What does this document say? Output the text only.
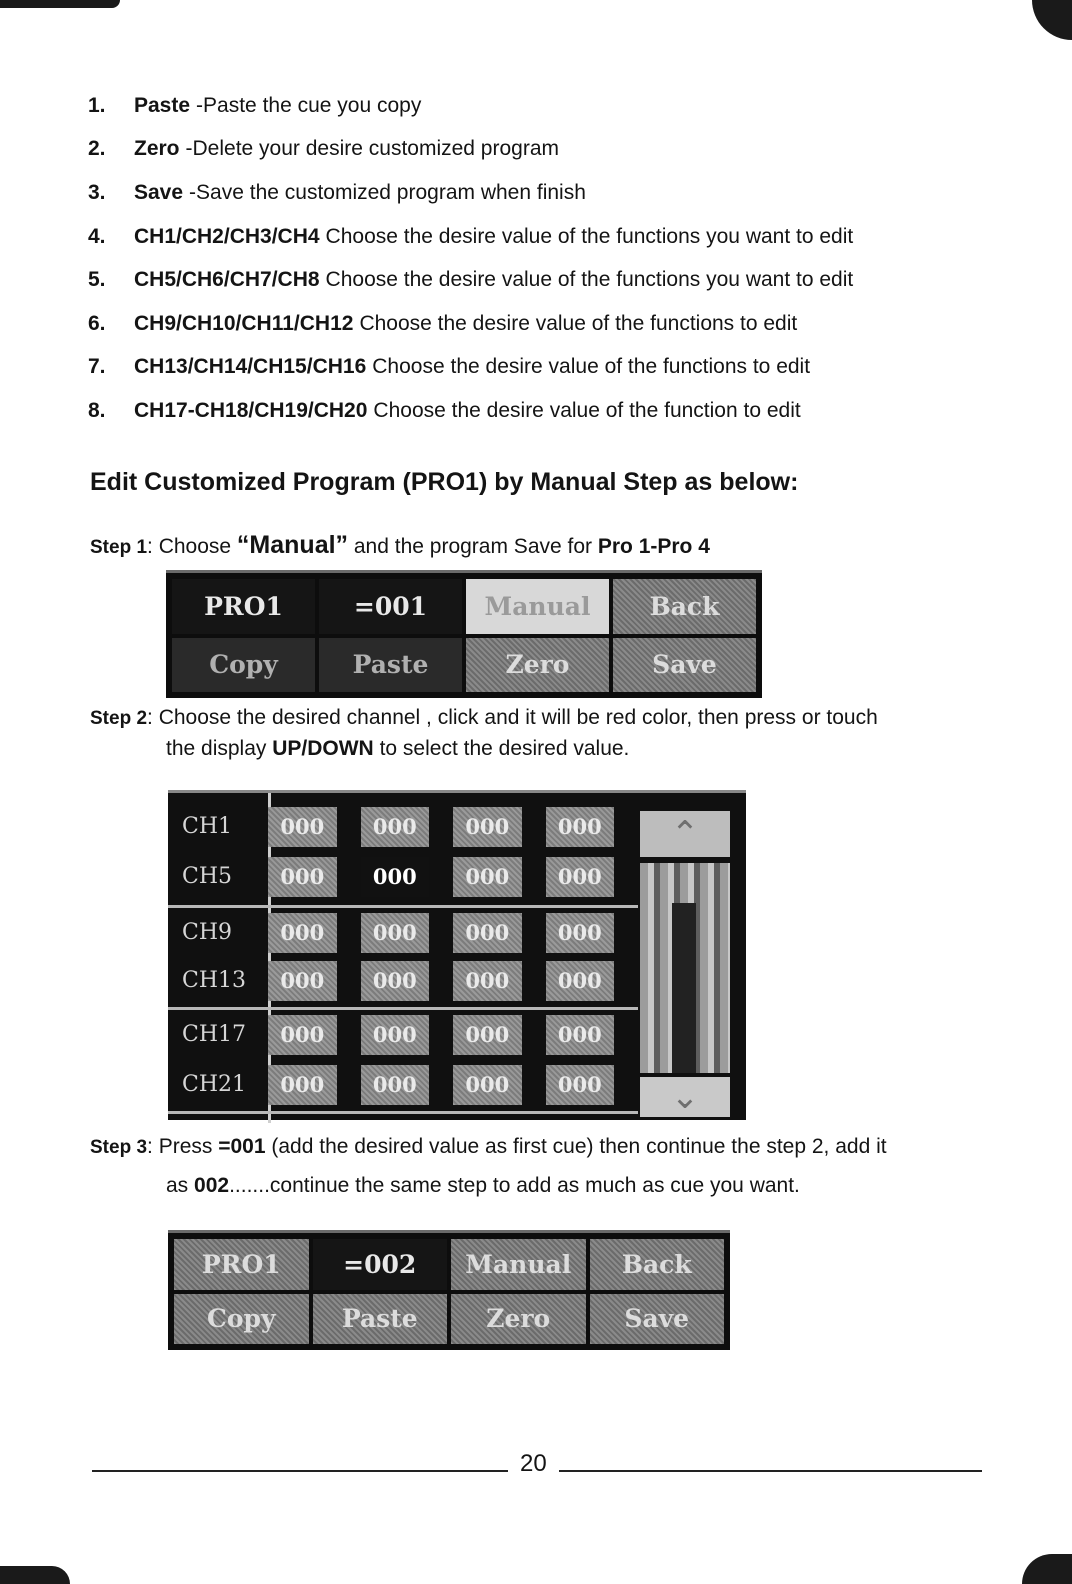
1.	Paste -Paste the cue you copy
2.	Zero -Delete your desire customized program
3.	Save -Save the customized program when finish
4.	CH1/CH2/CH3/CH4 Choose the desire value of the functions you want to edit
5.	CH5/CH6/CH7/CH8 Choose the desire value of the functions you want to edit
6.	CH9/CH10/CH11/CH12 Choose the desire value of the functions to edit
7.	CH13/CH14/CH15/CH16 Choose the desire value of the functions to edit
8.	CH17-CH18/CH19/CH20 Choose the desire value of the function to edit
Edit Customized Program (PRO1) by Manual Step as below:
Step 1: Choose “Manual” and the program Save for Pro 1-Pro 4
PRO1	=001	Manual	Back
Copy	Paste	Zero	Save
Step 2: Choose the desired channel , click and it will be red color, then press or touch
the display UP/DOWN to select the desired value.
CH1	000	000	000	000
CH5	000	000	000	000
CH9	000	000	000	000
CH13	000	000	000	000
CH17	000	000	000	000
CH21	000	000	000	000
⌃
⌄
Step 3: Press =001 (add the desired value as first cue) then continue the step 2, add it
as 002.......continue the same step to add as much as cue you want.
PRO1	=002	Manual	Back
Copy	Paste	Zero	Save
20
